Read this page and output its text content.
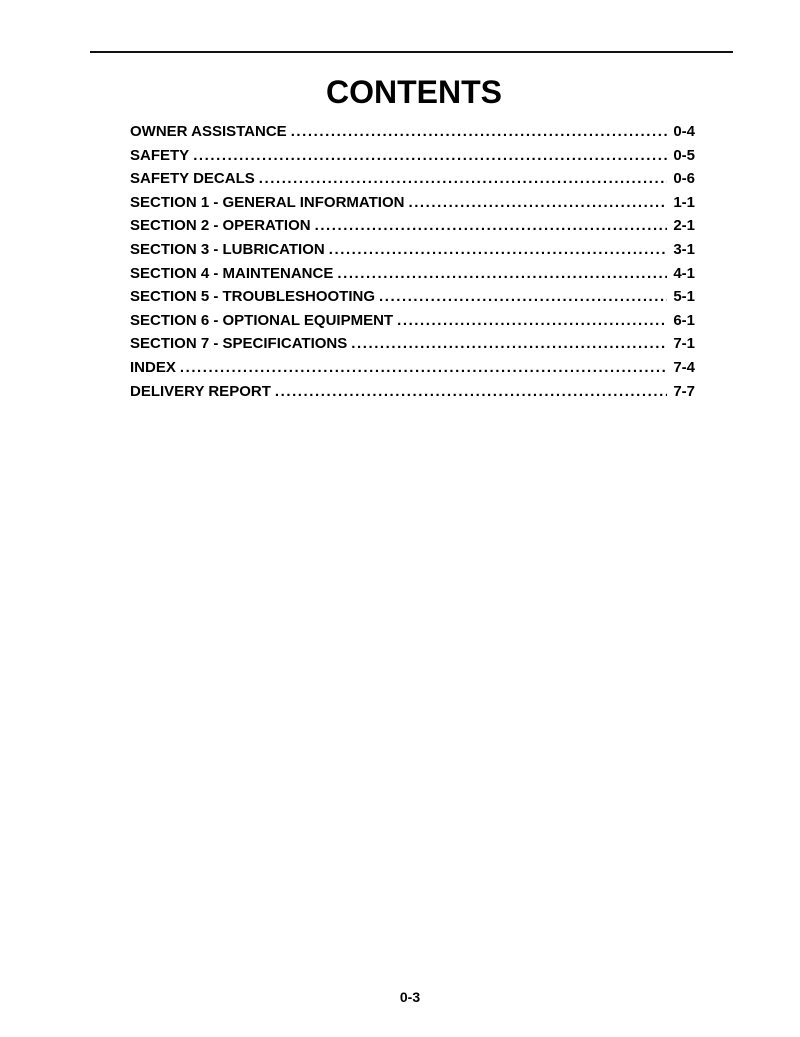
CONTENTS
OWNER ASSISTANCE . . .	0-4
SAFETY . . .	0-5
SAFETY DECALS . . .	0-6
SECTION 1 - GENERAL INFORMATION . . .	1-1
SECTION 2 - OPERATION . . .	2-1
SECTION 3 - LUBRICATION . . .	3-1
SECTION 4 - MAINTENANCE . . .	4-1
SECTION 5 - TROUBLESHOOTING . . .	5-1
SECTION 6 - OPTIONAL EQUIPMENT . . .	6-1
SECTION 7 - SPECIFICATIONS . . .	7-1
INDEX . . .	7-4
DELIVERY REPORT . . .	7-7
0-3
